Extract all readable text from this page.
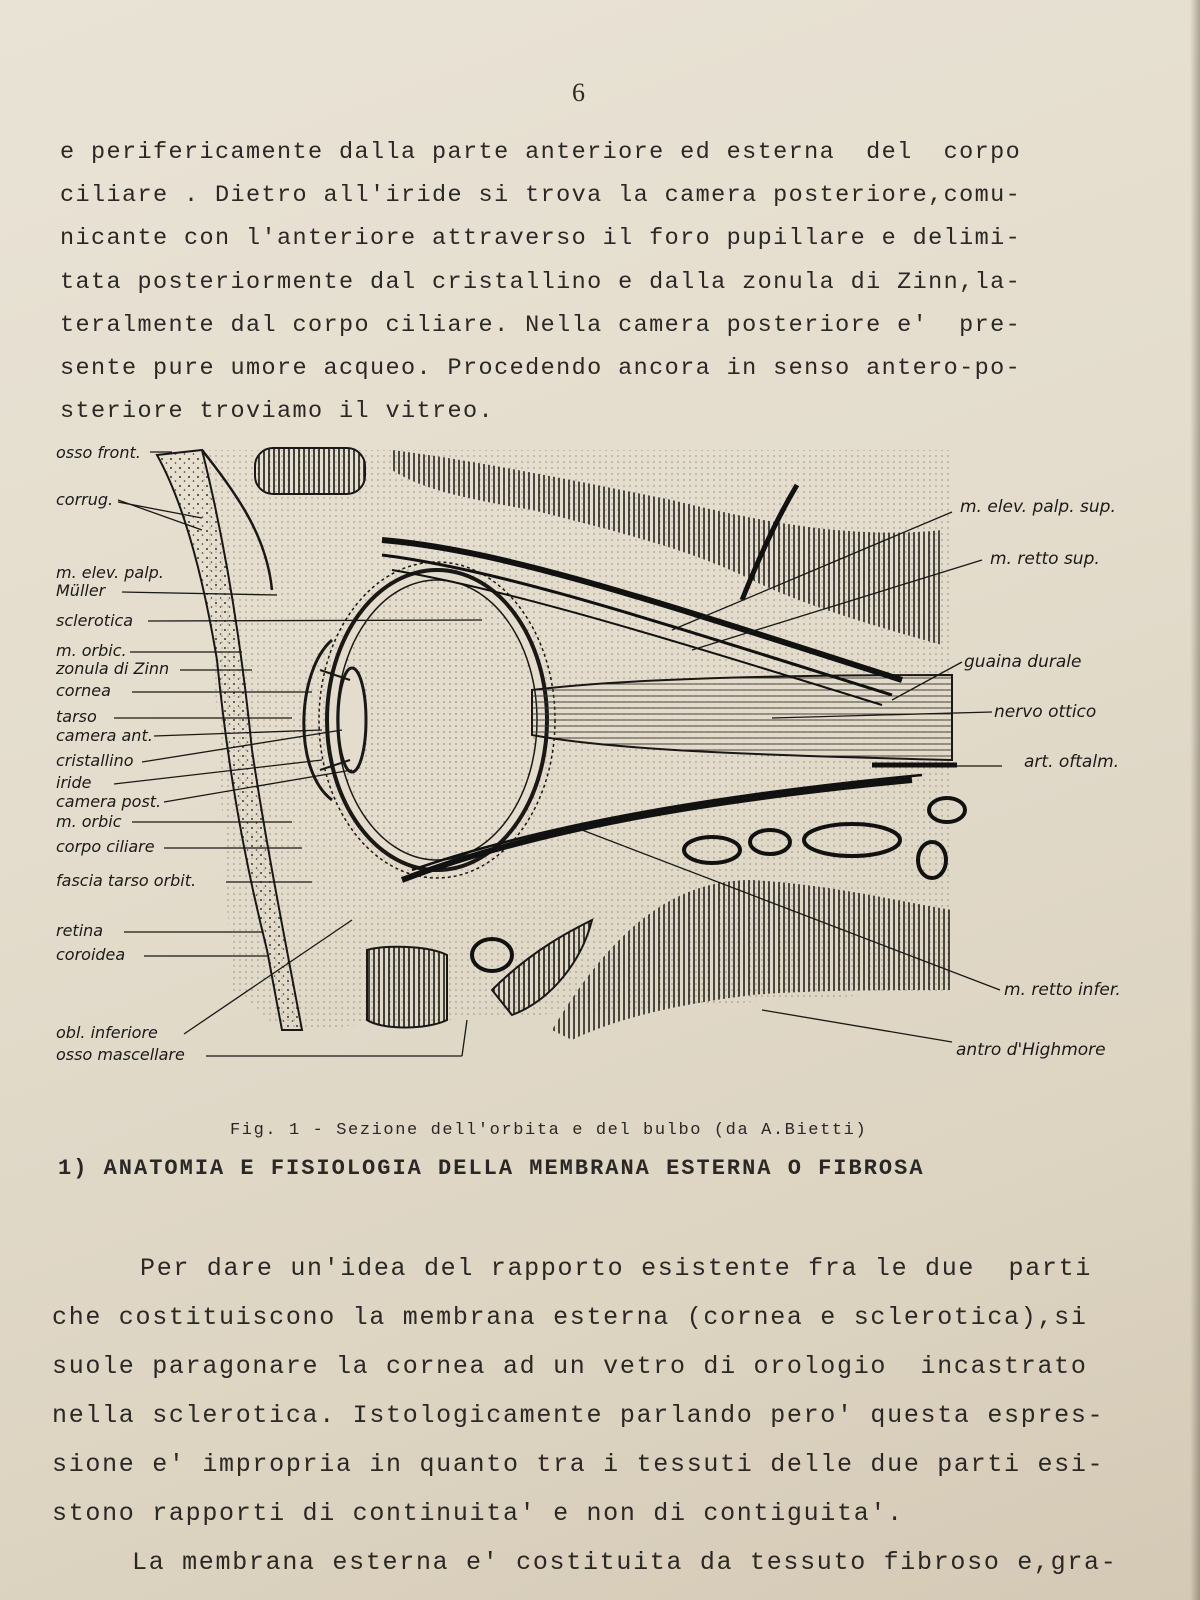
6
e perifericamente dalla parte anteriore ed esterna  del  corpo
ciliare . Dietro all'iride si trova la camera posteriore,comu-
nicante con l'anteriore attraverso il foro pupillare e delimi-
tata posteriormente dal cristallino e dalla zonula di Zinn,la-
teralmente dal corpo ciliare. Nella camera posteriore e'  pre-
sente pure umore acqueo. Procedendo ancora in senso antero-po-
steriore troviamo il vitreo.
osso front.
corrug.
m. elev. palp.
Müller
sclerotica
m. orbic.
zonula di Zinn
cornea
tarso
camera ant.
cristallino
iride
camera post.
m. orbic
corpo ciliare
fascia tarso orbit.
retina
coroidea
obl. inferiore
osso mascellare
m. elev. palp. sup.
m. retto sup.
guaina durale
nervo ottico
art. oftalm.
m. retto infer.
antro d'Highmore
Fig. 1 - Sezione dell'orbita e del bulbo (da A.Bietti)
1) ANATOMIA E FISIOLOGIA DELLA MEMBRANA ESTERNA O FIBROSA
Per dare un'idea del rapporto esistente fra le due  parti
che costituiscono la membrana esterna (cornea e sclerotica),si
suole paragonare la cornea ad un vetro di orologio  incastrato
nella sclerotica. Istologicamente parlando pero' questa espres-
sione e' impropria in quanto tra i tessuti delle due parti esi-
stono rapporti di continuita' e non di contiguita'.
La membrana esterna e' costituita da tessuto fibroso e,gra-
